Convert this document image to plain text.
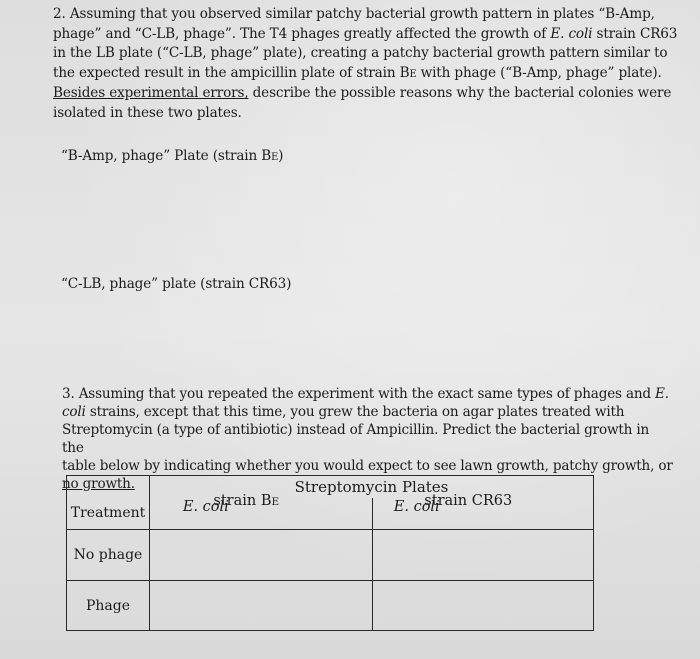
2. Assuming that you observed similar patchy bacterial growth pattern in plates “B-Amp,

phage” and “C-LB, phage”. The T4 phages greatly affected the growth of E. coli strain CR63

in the LB plate (“C-LB, phage” plate), creating a patchy bacterial growth pattern similar to

the expected result in the ampicillin plate of strain BE with phage (“B-Amp, phage” plate).

Besides experimental errors, describe the possible reasons why the bacterial colonies were

isolated in these two plates.

“B-Amp, phage” Plate (strain BE)
“C-LB, phage” plate (strain CR63)

3. Assuming that you repeated the experiment with the exact same types of phages and E.

coli strains, except that this time, you grew the bacteria on agar plates treated with

Streptomycin (a type of antibiotic) instead of Ampicillin. Predict the bacterial growth in the

table below by indicating whether you would expect to see lawn growth, patchy growth, or

no growth.

Treatment	Streptomycin Plates	
	E. coli strain $B^E$	E. coli strain CR63
No phage		
Phage		
